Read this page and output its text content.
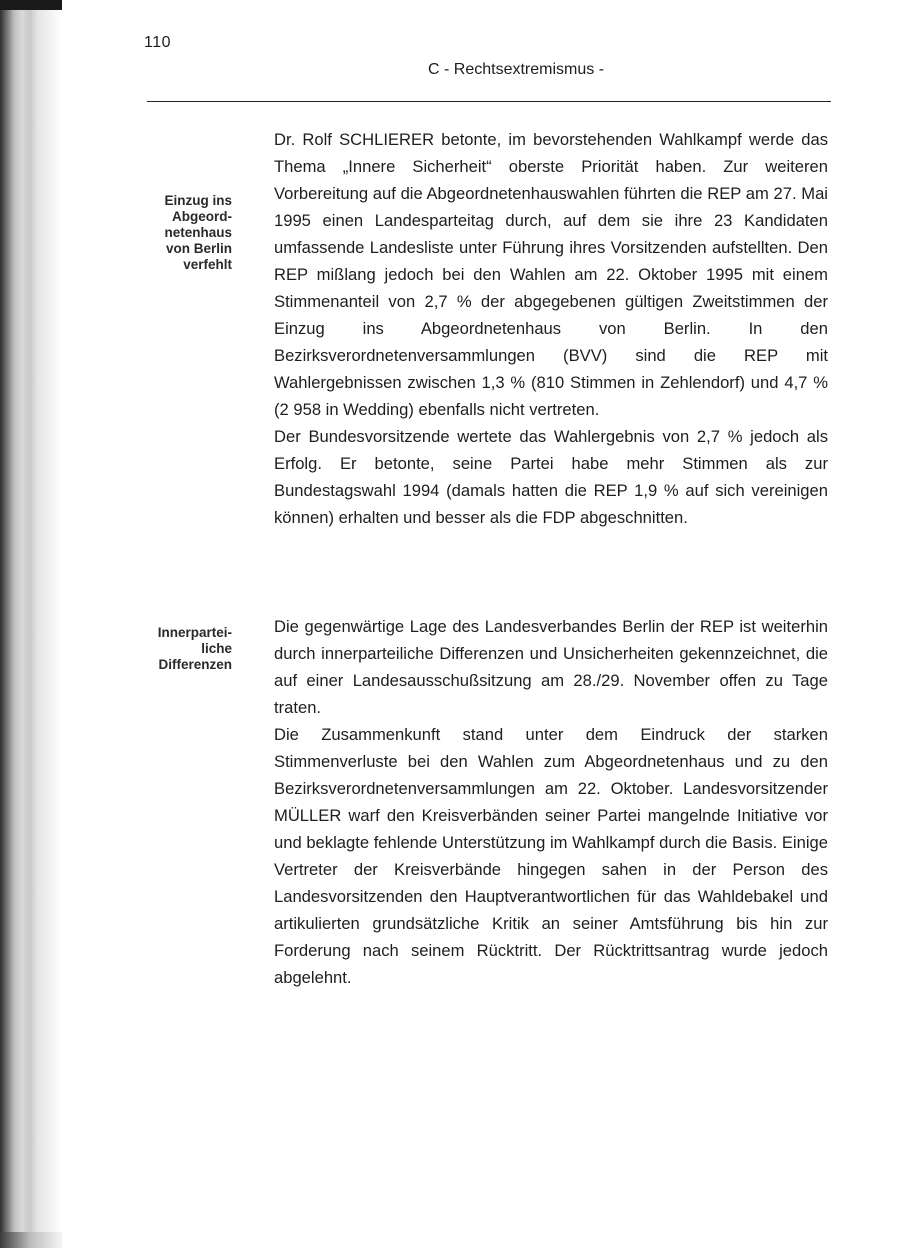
110
C - Rechtsextremismus -
Einzug ins
Abgeord-
netenhaus
von Berlin
verfehlt
Innerpartei-
liche
Differenzen

Dr. Rolf SCHLIERER betonte, im bevorstehenden Wahlkampf werde das Thema „Innere Sicherheit“ oberste Priorität haben. Zur weiteren Vorbereitung auf die Abgeordnetenhauswahlen führten die REP am 27. Mai 1995 einen Landesparteitag durch, auf dem sie ihre 23 Kandidaten umfassende Landesliste unter Führung ihres Vorsitzenden aufstellten. Den REP mißlang jedoch bei den Wahlen am 22. Oktober 1995 mit einem Stimmenanteil von 2,7 % der abgegebenen gültigen Zweitstimmen der Einzug ins Abgeordnetenhaus von Berlin. In den Bezirksverordnetenversammlungen (BVV) sind die REP mit Wahlergebnissen zwischen 1,3 % (810 Stimmen in Zehlendorf) und 4,7 % (2 958 in Wedding) ebenfalls nicht vertreten.

Der Bundesvorsitzende wertete das Wahlergebnis von 2,7 % jedoch als Erfolg. Er betonte, seine Partei habe mehr Stimmen als zur Bundestagswahl 1994 (damals hatten die REP 1,9 % auf sich vereinigen können) erhalten und besser als die FDP abgeschnitten.

Die gegenwärtige Lage des Landesverbandes Berlin der REP ist weiterhin durch innerparteiliche Differenzen und Unsicherheiten gekennzeichnet, die auf einer Landesausschußsitzung am 28./29. November offen zu Tage traten.

Die Zusammenkunft stand unter dem Eindruck der starken Stimmenverluste bei den Wahlen zum Abgeordnetenhaus und zu den Bezirksverordnetenversammlungen am 22. Oktober. Landesvorsitzender MÜLLER warf den Kreisverbänden seiner Partei mangelnde Initiative vor und beklagte fehlende Unterstützung im Wahlkampf durch die Basis. Einige Vertreter der Kreisverbände hingegen sahen in der Person des Landesvorsitzenden den Hauptverantwortlichen für das Wahldebakel und artikulierten grundsätzliche Kritik an seiner Amtsführung bis hin zur Forderung nach seinem Rücktritt. Der Rücktrittsantrag wurde jedoch abgelehnt.
